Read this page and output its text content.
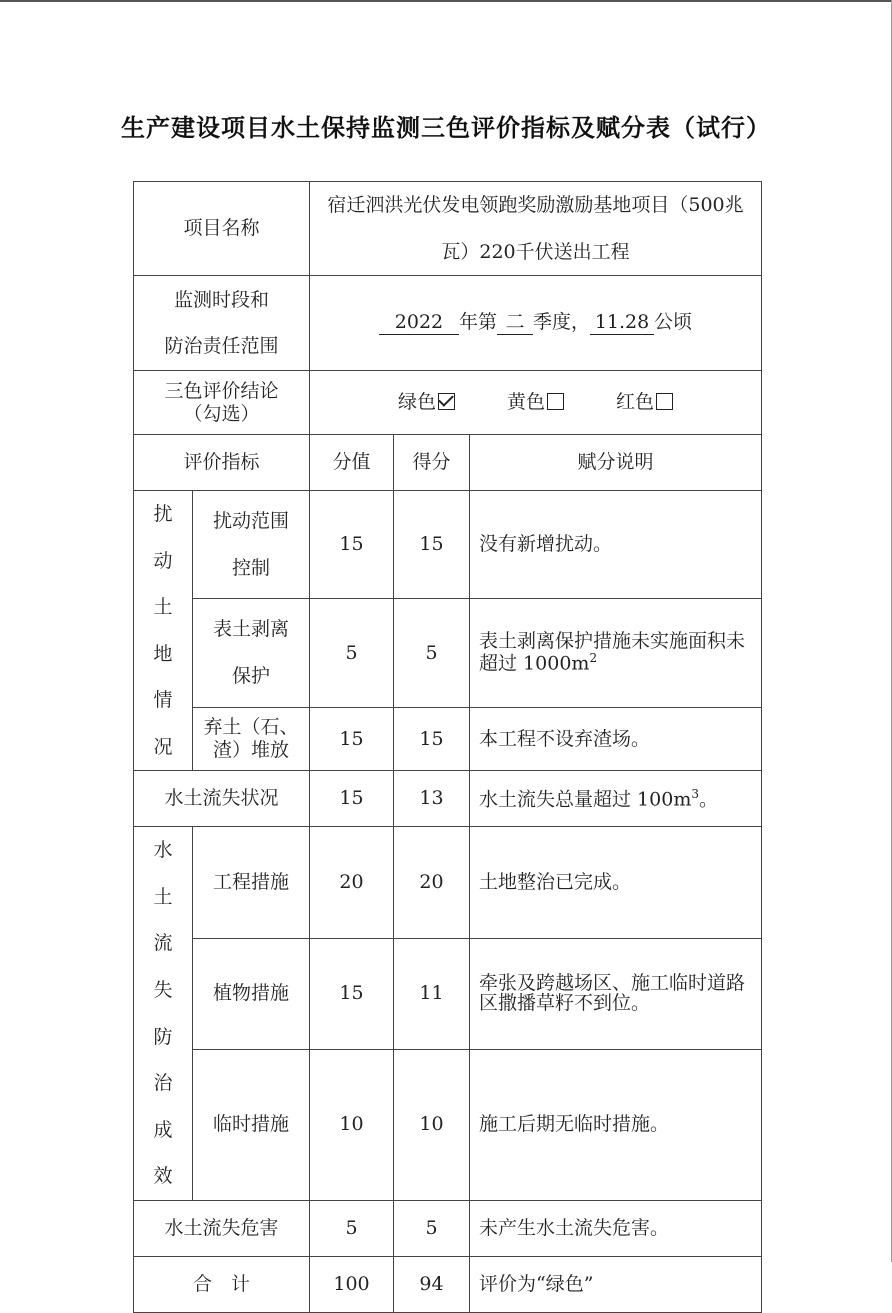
生产建设项目水土保持监测三色评价指标及赋分表（试行）
项目名称		宿迁泗洪光伏发电领跑奖励激励基地项目（500兆瓦）220千伏送出工程		
监测时段和
防治责任范围		2022 年第 二 季度， 11.28 公顷		
三色评价结论
（勾选）		绿色 黄色 红色		
评价指标		分值	得分	赋分说明
扰动土地情况	扰动范围控制	15	15	没有新增扰动。
	表土剥离保护	5	5	表土剥离保护措施未实施面积未超过 $1000m^2$
	弃土（石、渣）堆放	15	15	本工程不设弃渣场。
水土流失状况		15	13	水土流失总量超过 $100m^3$。
水土流失防治成效	工程措施	20	20	土地整治已完成。
	植物措施	15	11	牵张及跨越场区、施工临时道路区撒播草籽不到位。
	临时措施	10	10	施工后期无临时措施。
水土流失危害		5	5	未产生水土流失危害。
合　计		100	94	评价为“绿色”
